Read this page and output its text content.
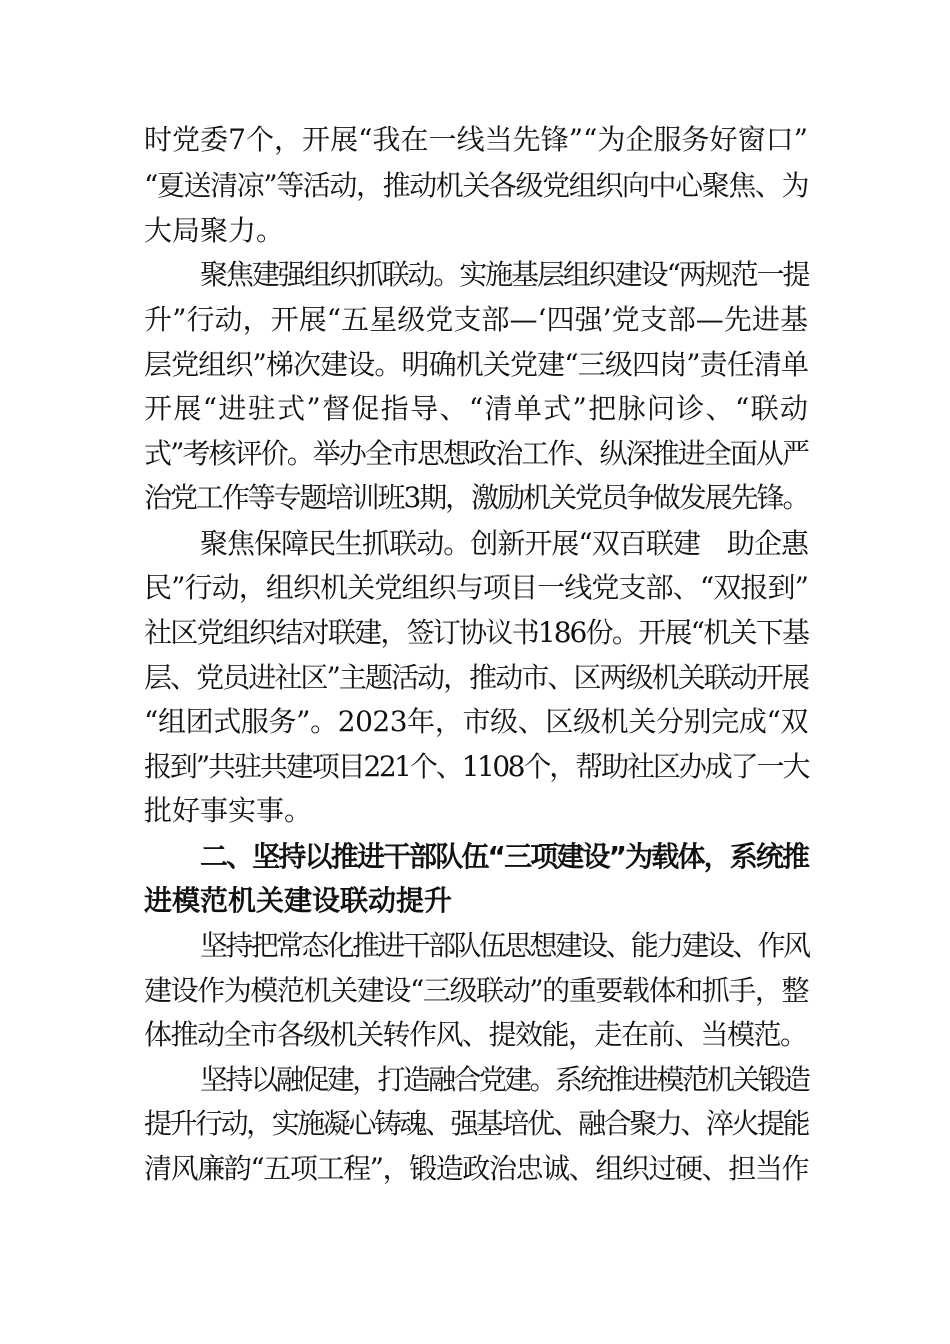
时党委7个，开展“我在一线当先锋”“为企服务好窗口”
“夏送清凉”等活动，推动机关各级党组织向中心聚焦、为
大局聚力。
聚焦建强组织抓联动。实施基层组织建设“两规范一提
升”行动，开展“五星级党支部—‘四强’党支部—先进基
层党组织”梯次建设。明确机关党建“三级四岗”责任清单
开展“进驻式”督促指导、“清单式”把脉问诊、“联动
式”考核评价。举办全市思想政治工作、纵深推进全面从严
治党工作等专题培训班3期，激励机关党员争做发展先锋。
聚焦保障民生抓联动。创新开展“双百联建　助企惠
民”行动，组织机关党组织与项目一线党支部、“双报到”
社区党组织结对联建，签订协议书186份。开展“机关下基
层、党员进社区”主题活动，推动市、区两级机关联动开展
“组团式服务”。2023年，市级、区级机关分别完成“双
报到”共驻共建项目221个、1108个，帮助社区办成了一大
批好事实事。
二、坚持以推进干部队伍“三项建设”为载体，系统推
进模范机关建设联动提升
坚持把常态化推进干部队伍思想建设、能力建设、作风
建设作为模范机关建设“三级联动”的重要载体和抓手，整
体推动全市各级机关转作风、提效能，走在前、当模范。
坚持以融促建，打造融合党建。系统推进模范机关锻造
提升行动，实施凝心铸魂、强基培优、融合聚力、淬火提能
清风廉韵“五项工程”，锻造政治忠诚、组织过硬、担当作
